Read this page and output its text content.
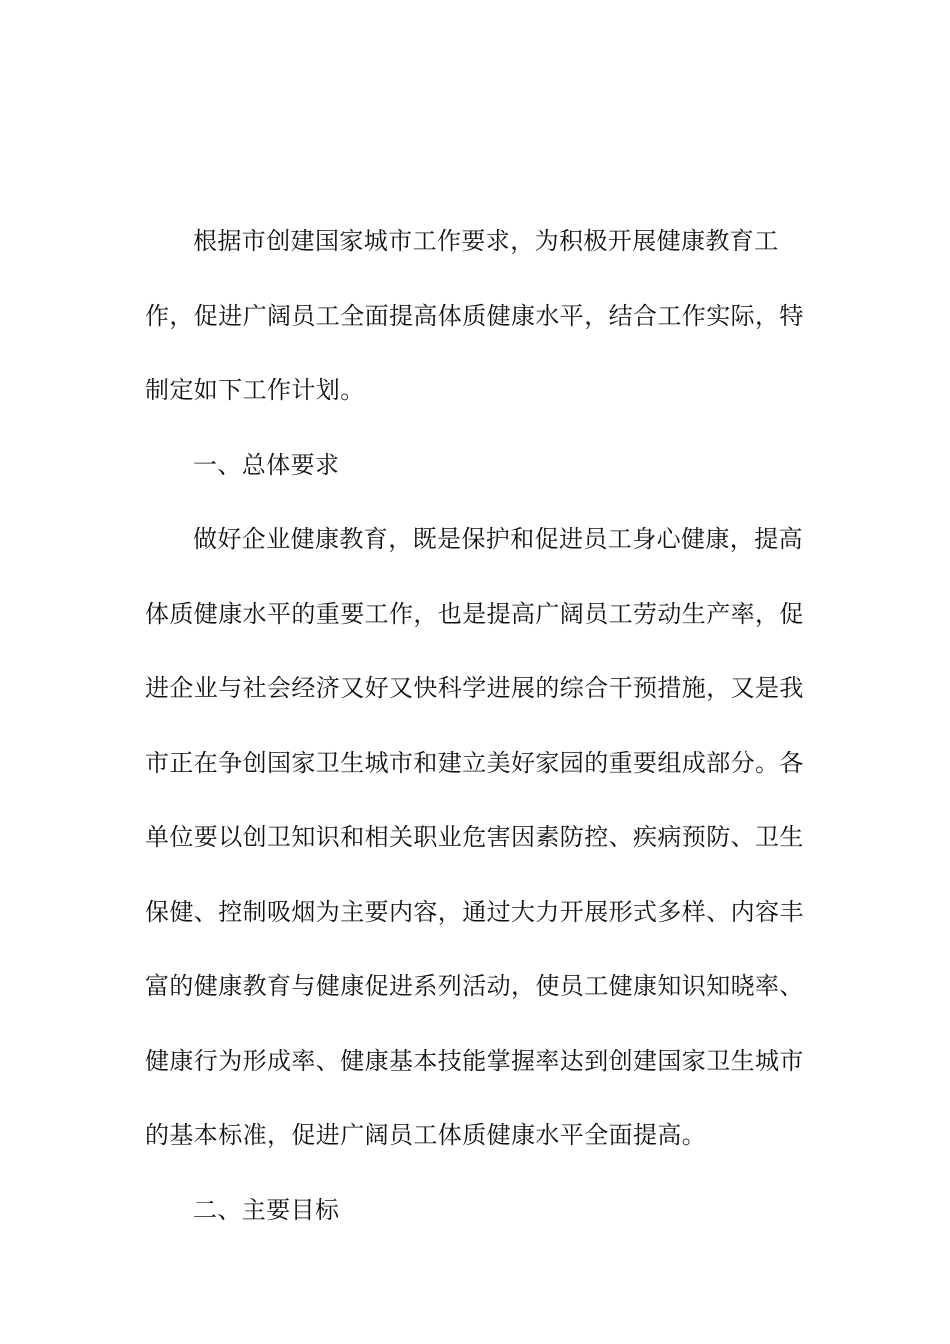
根据市创建国家城市工作要求，为积极开展健康教育工作，促进广阔员工全面提高体质健康水平，结合工作实际，特制定如下工作计划。

一、总体要求

做好企业健康教育，既是保护和促进员工身心健康，提高体质健康水平的重要工作，也是提高广阔员工劳动生产率，促进企业与社会经济又好又快科学进展的综合干预措施，又是我市正在争创国家卫生城市和建立美好家园的重要组成部分。各单位要以创卫知识和相关职业危害因素防控、疾病预防、卫生保健、控制吸烟为主要内容，通过大力开展形式多样、内容丰富的健康教育与健康促进系列活动，使员工健康知识知晓率、健康行为形成率、健康基本技能掌握率达到创建国家卫生城市的基本标准，促进广阔员工体质健康水平全面提高。

二、主要目标
